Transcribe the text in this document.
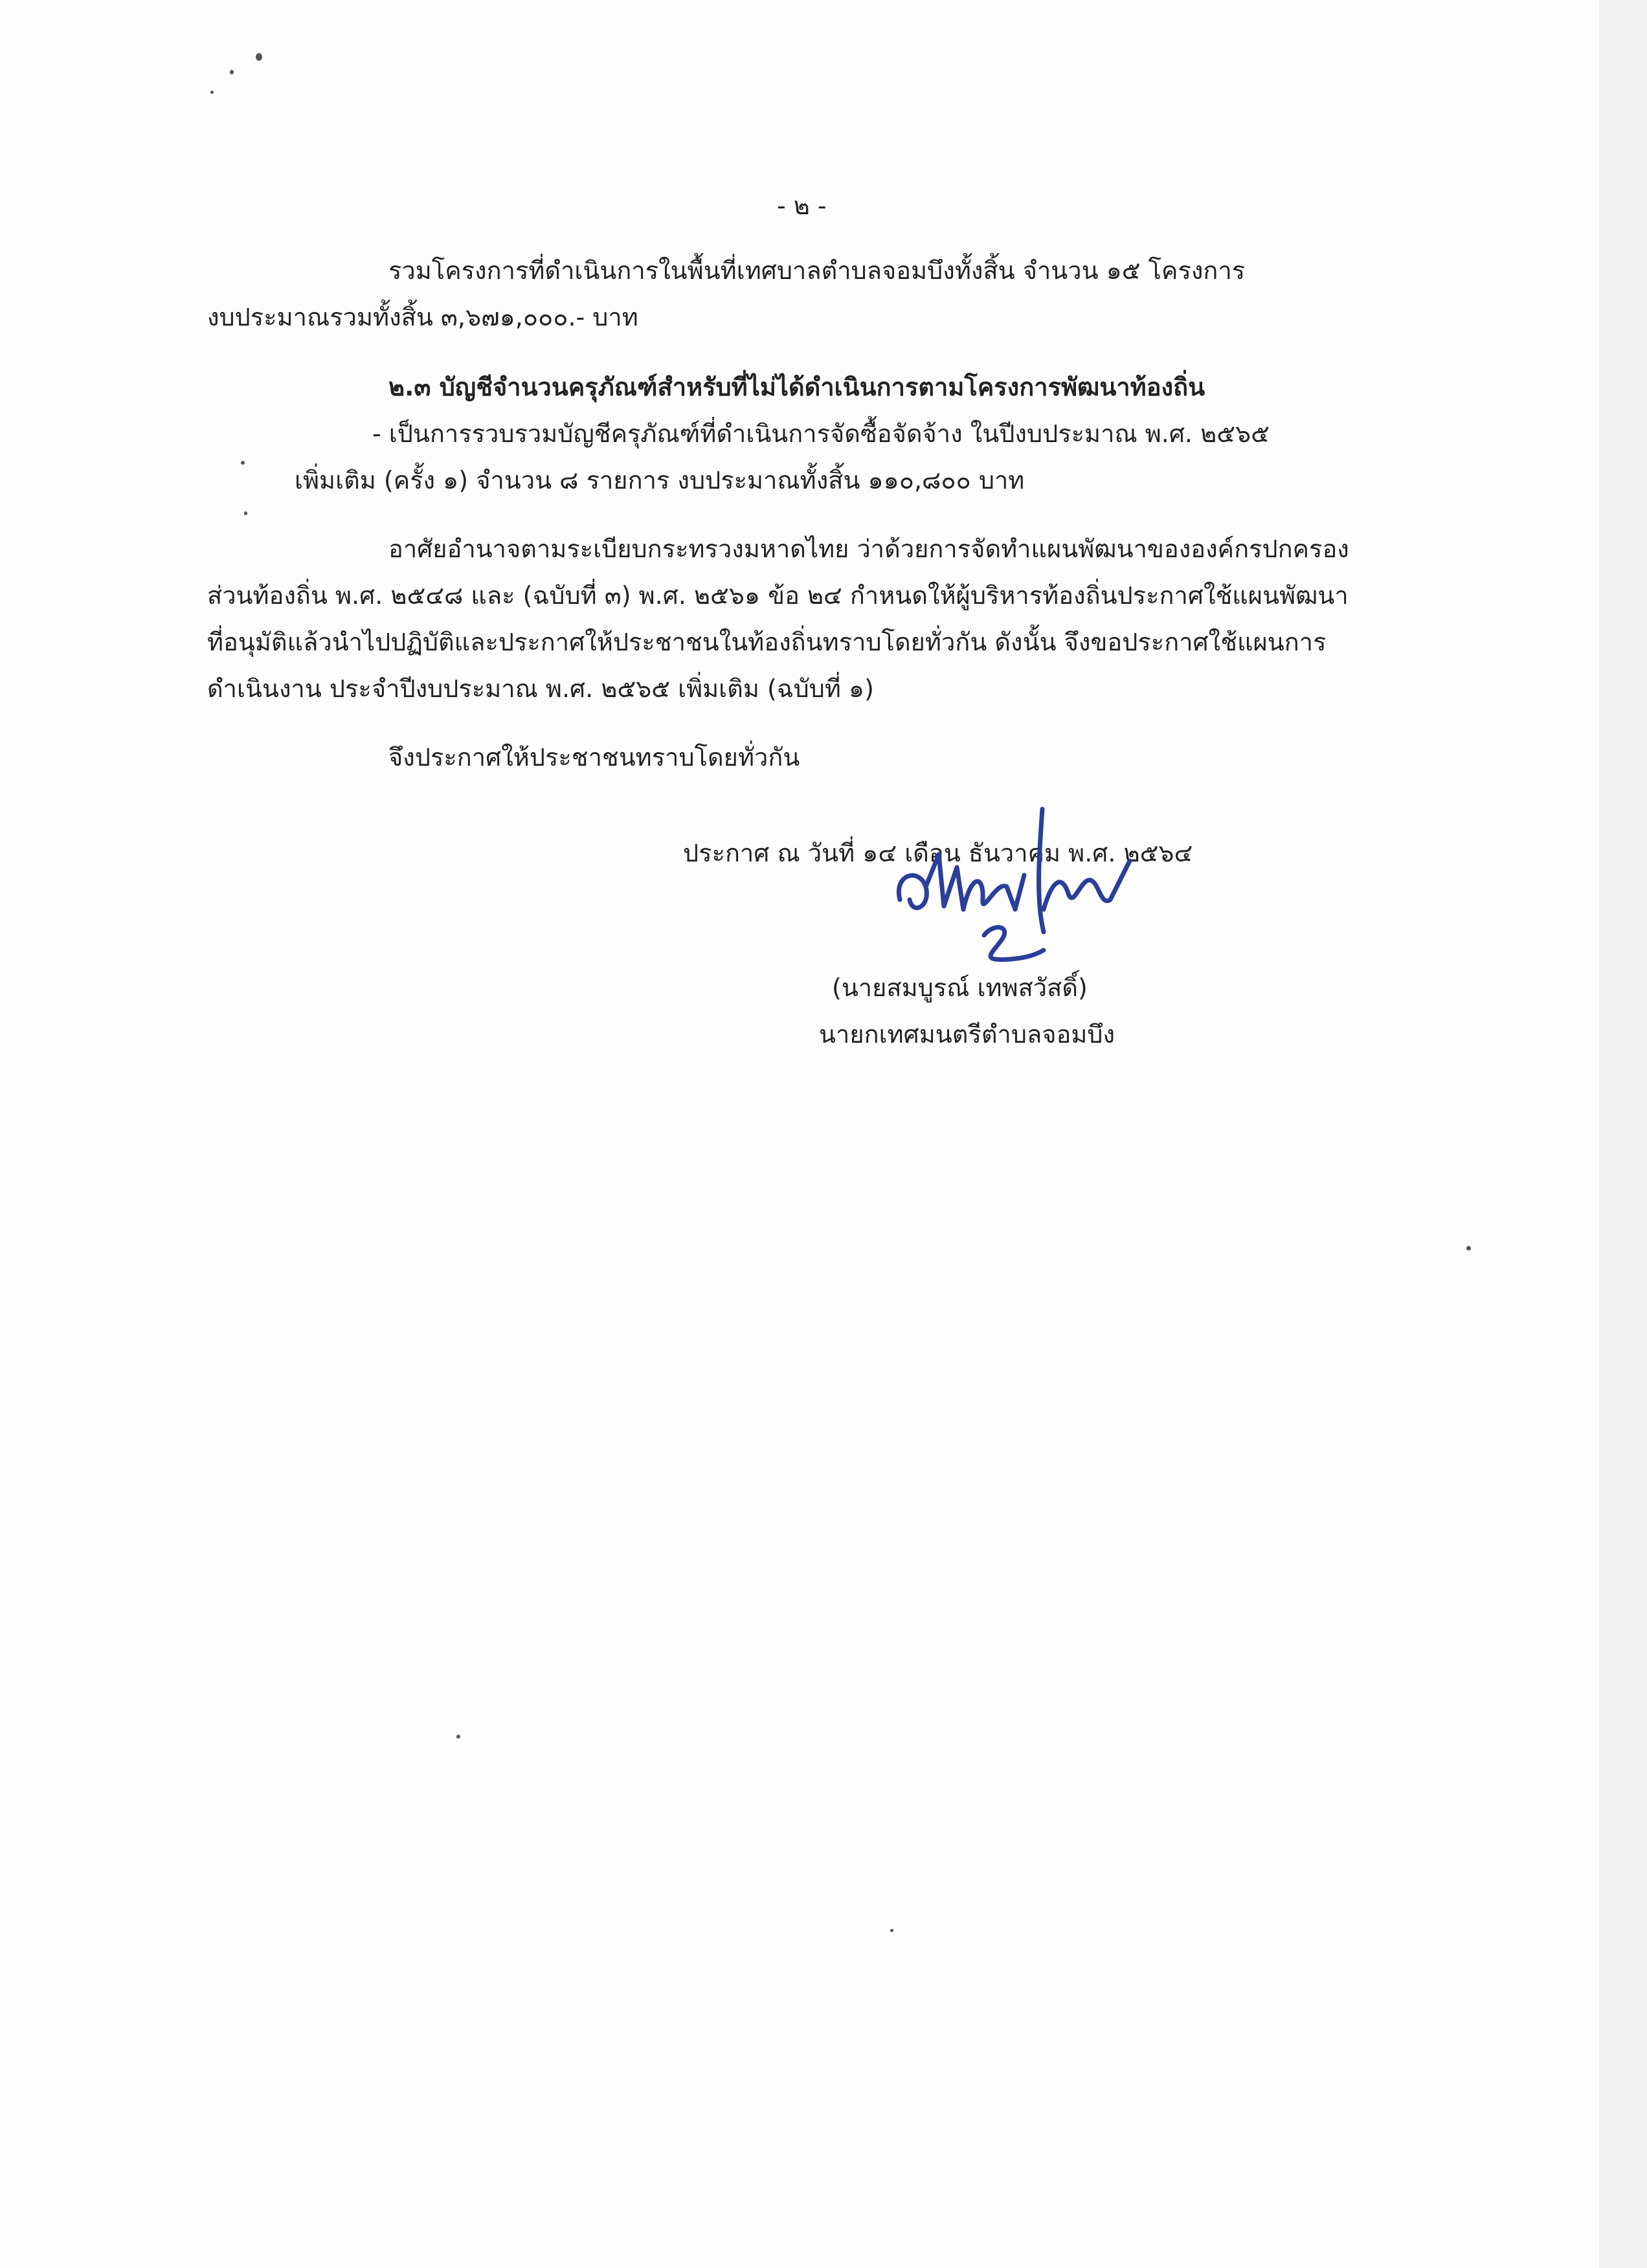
- ๒ -
รวมโครงการที่ดำเนินการในพื้นที่เทศบาลตำบลจอมบึงทั้งสิ้น จำนวน ๑๕ โครงการ
งบประมาณรวมทั้งสิ้น ๓,๖๗๑,๐๐๐.- บาท
๒.๓ บัญชีจำนวนครุภัณฑ์สำหรับที่ไม่ได้ดำเนินการตามโครงการพัฒนาท้องถิ่น
- เป็นการรวบรวมบัญชีครุภัณฑ์ที่ดำเนินการจัดซื้อจัดจ้าง ในปีงบประมาณ พ.ศ. ๒๕๖๕
เพิ่มเติม (ครั้ง ๑) จำนวน ๘ รายการ งบประมาณทั้งสิ้น ๑๑๐,๘๐๐ บาท
อาศัยอำนาจตามระเบียบกระทรวงมหาดไทย ว่าด้วยการจัดทำแผนพัฒนาขององค์กรปกครอง
ส่วนท้องถิ่น พ.ศ. ๒๕๔๘ และ (ฉบับที่ ๓) พ.ศ. ๒๕๖๑ ข้อ ๒๔ กำหนดให้ผู้บริหารท้องถิ่นประกาศใช้แผนพัฒนา
ที่อนุมัติแล้วนำไปปฏิบัติและประกาศให้ประชาชนในท้องถิ่นทราบโดยทั่วกัน ดังนั้น จึงขอประกาศใช้แผนการ
ดำเนินงาน ประจำปีงบประมาณ พ.ศ. ๒๕๖๕ เพิ่มเติม (ฉบับที่ ๑)
จึงประกาศให้ประชาชนทราบโดยทั่วกัน
ประกาศ ณ วันที่ ๑๔ เดือน ธันวาคม พ.ศ. ๒๕๖๔
(นายสมบูรณ์ เทพสวัสดิ์)
นายกเทศมนตรีตำบลจอมบึง
